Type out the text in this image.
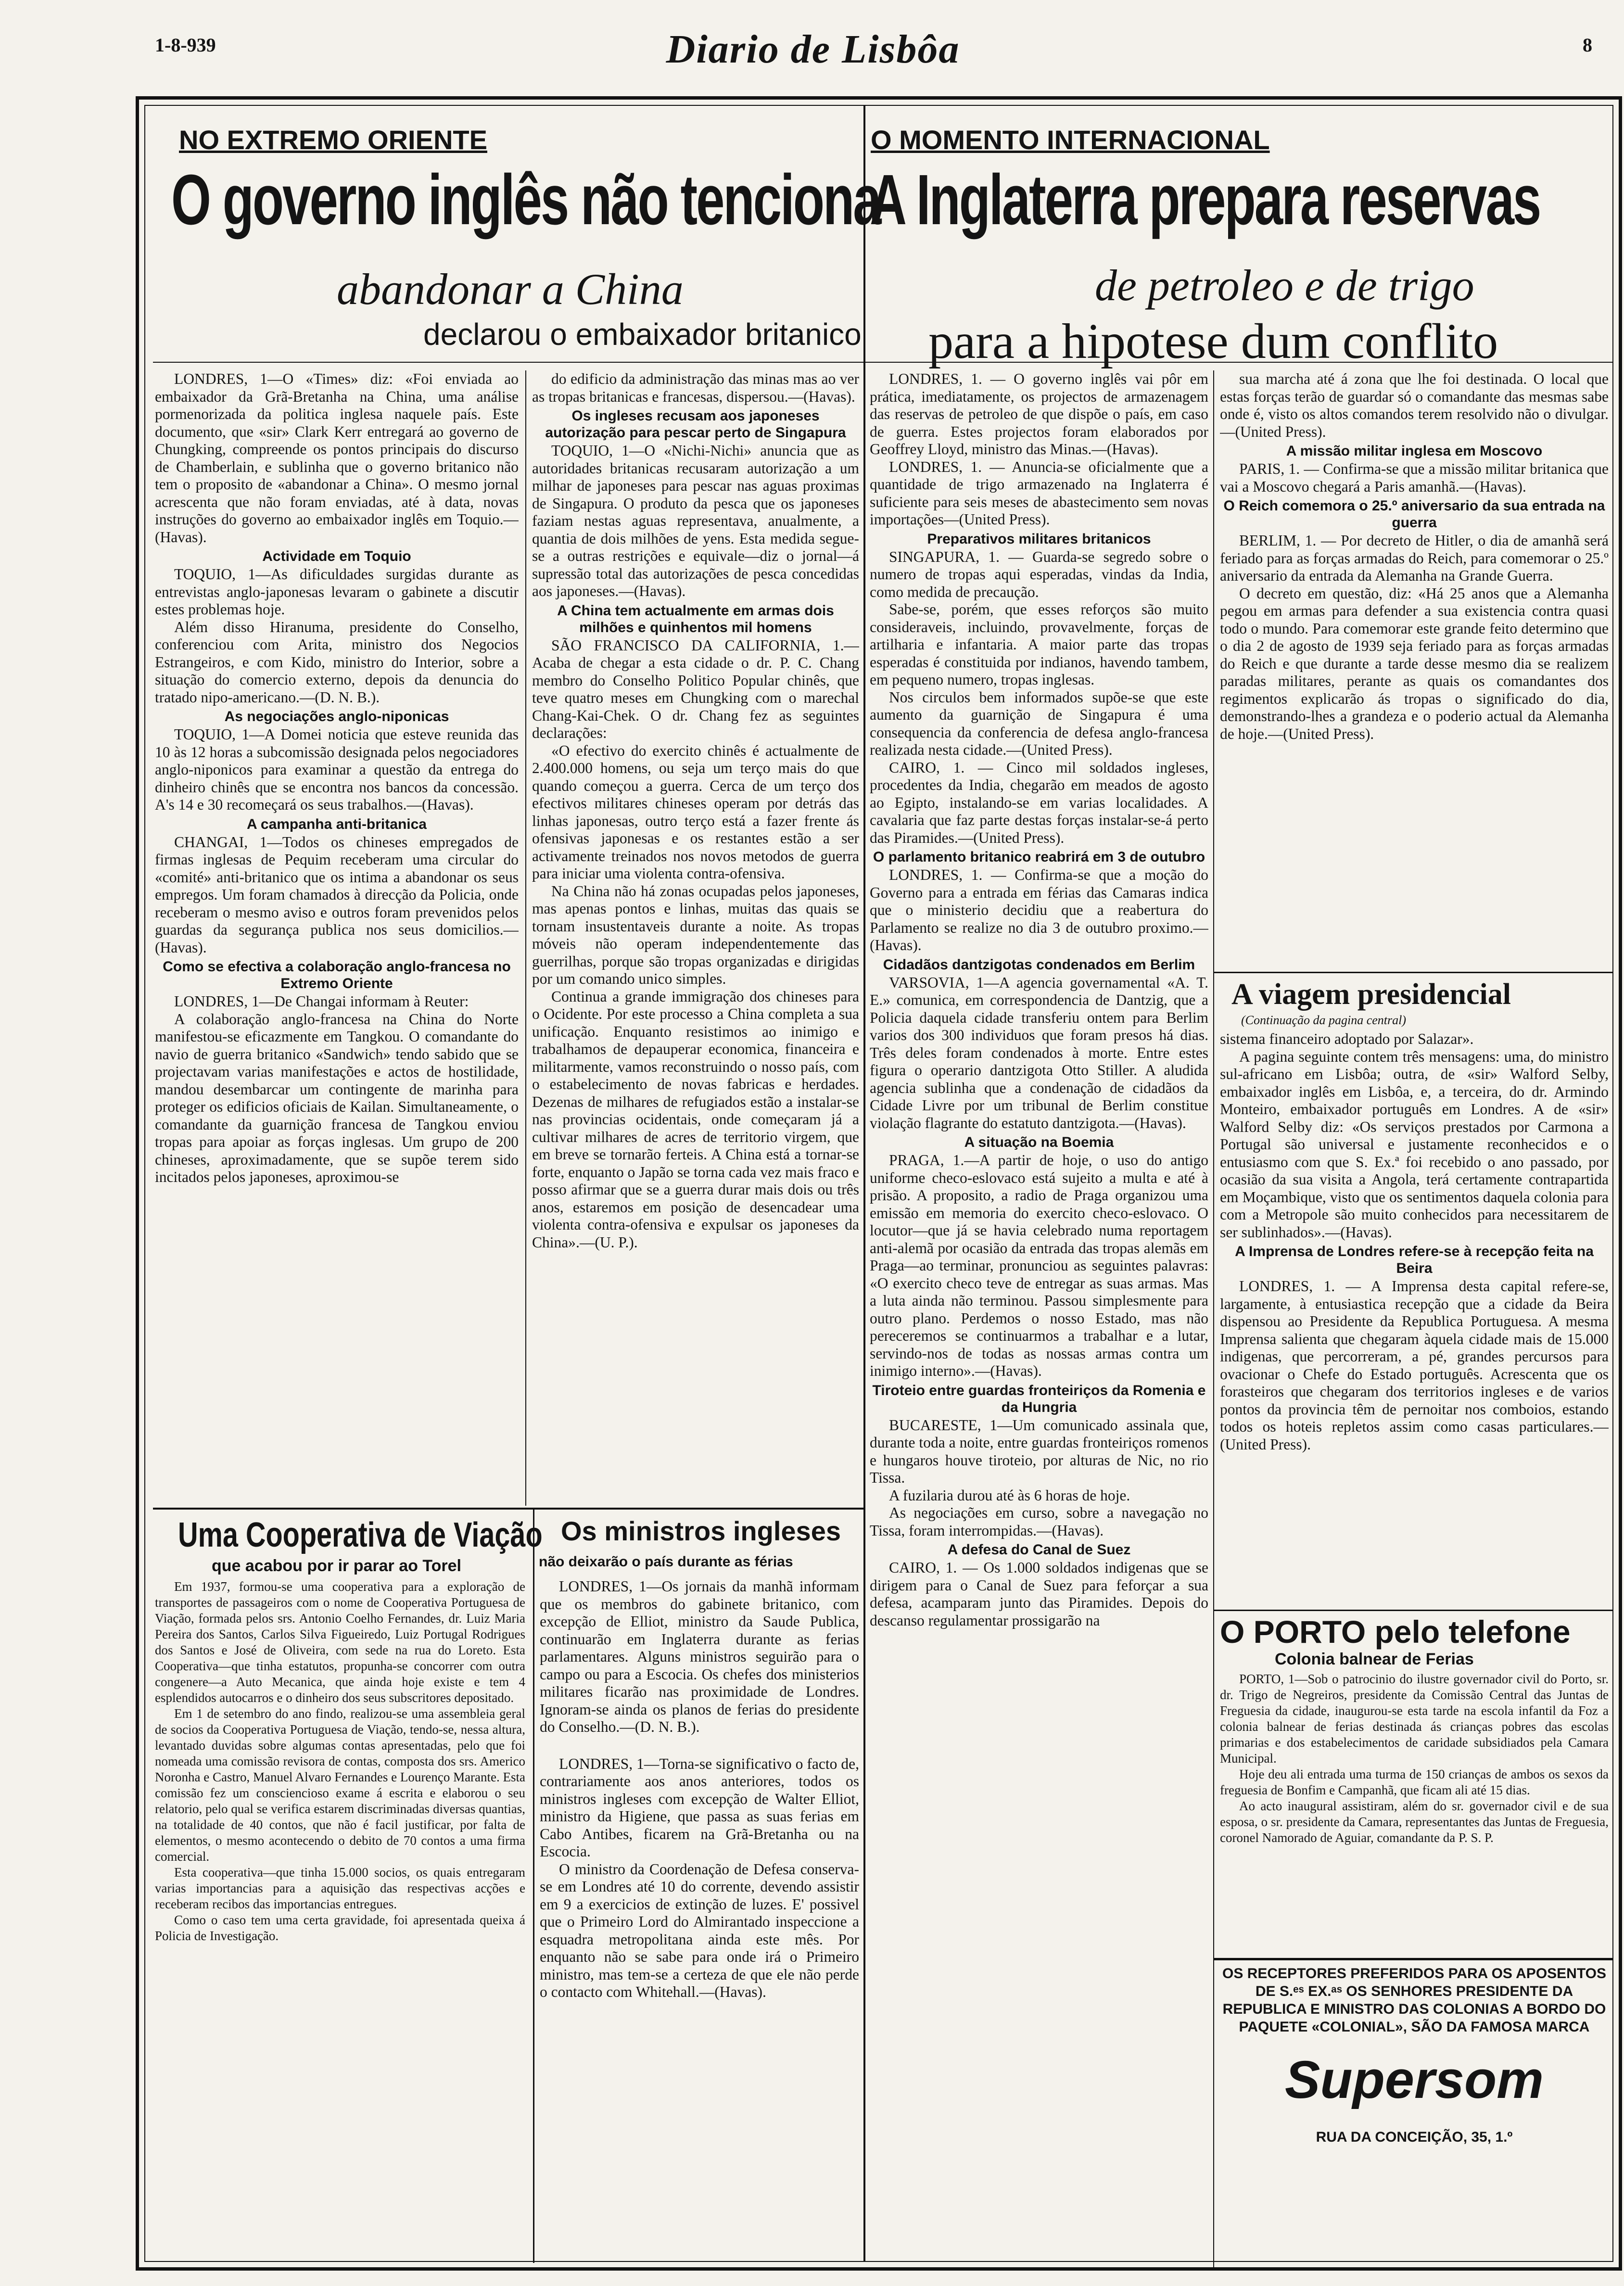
1-8-939	Diario de Lisbôa	8
NO EXTREMO ORIENTE
O governo inglês não tenciona
abandonar a China
declarou o embaixador britanico
O MOMENTO INTERNACIONAL
A Inglaterra prepara reservas
de petroleo e de trigo
para a hipotese dum conflito

LONDRES, 1—O «Times» diz: «Foi enviada ao embaixador da Grã-Bretanha na China, uma análise pormenorizada da politica inglesa naquele país. Este documento, que «sir» Clark Kerr entregará ao governo de Chungking, compreende os pontos principais do discurso de Chamberlain, e sublinha que o governo britanico não tem o proposito de «abandonar a China». O mesmo jornal acrescenta que não foram enviadas, até à data, novas instruções do governo ao embaixador inglês em Toquio.—(Havas).

Actividade em Toquio

TOQUIO, 1—As dificuldades surgidas durante as entrevistas anglo-japonesas levaram o gabinete a discutir estes problemas hoje.

Além disso Hiranuma, presidente do Conselho, conferenciou com Arita, ministro dos Negocios Estrangeiros, e com Kido, ministro do Interior, sobre a situação do comercio externo, depois da denuncia do tratado nipo-americano.—(D. N. B.).

As negociações anglo-niponicas

TOQUIO, 1—A Domei noticia que esteve reunida das 10 às 12 horas a subcomissão designada pelos negociadores anglo-niponicos para examinar a questão da entrega do dinheiro chinês que se encontra nos bancos da concessão. A's 14 e 30 recomeçará os seus trabalhos.—(Havas).

A campanha anti-britanica

CHANGAI, 1—Todos os chineses empregados de firmas inglesas de Pequim receberam uma circular do «comité» anti-britanico que os intima a abandonar os seus empregos. Um foram chamados à direcção da Policia, onde receberam o mesmo aviso e outros foram prevenidos pelos guardas da segurança publica nos seus domicilios.—(Havas).

Como se efectiva a colaboração anglo-francesa no Extremo Oriente

LONDRES, 1—De Changai informam à Reuter:

A colaboração anglo-francesa na China do Norte manifestou-se eficazmente em Tangkou. O comandante do navio de guerra britanico «Sandwich» tendo sabido que se projectavam varias manifestações e actos de hostilidade, mandou desembarcar um contingente de marinha para proteger os edificios oficiais de Kailan. Simultaneamente, o comandante da guarnição francesa de Tangkou enviou tropas para apoiar as forças inglesas. Um grupo de 200 chineses, aproximadamente, que se supõe terem sido incitados pelos japoneses, aproximou-se

do edificio da administração das minas mas ao ver as tropas britanicas e francesas, dispersou.—(Havas).

Os ingleses recusam aos japoneses autorização para pescar perto de Singapura

TOQUIO, 1—O «Nichi-Nichi» anuncia que as autoridades britanicas recusaram autorização a um milhar de japoneses para pescar nas aguas proximas de Singapura. O produto da pesca que os japoneses faziam nestas aguas representava, anualmente, a quantia de dois milhões de yens. Esta medida segue-se a outras restrições e equivale—diz o jornal—á supressão total das autorizações de pesca concedidas aos japoneses.—(Havas).

A China tem actualmente em armas dois milhões e quinhentos mil homens

SÃO FRANCISCO DA CALIFORNIA, 1.—Acaba de chegar a esta cidade o dr. P. C. Chang membro do Conselho Politico Popular chinês, que teve quatro meses em Chungking com o marechal Chang-Kai-Chek. O dr. Chang fez as seguintes declarações:

«O efectivo do exercito chinês é actualmente de 2.400.000 homens, ou seja um terço mais do que quando começou a guerra. Cerca de um terço dos efectivos militares chineses operam por detrás das linhas japonesas, outro terço está a fazer frente ás ofensivas japonesas e os restantes estão a ser activamente treinados nos novos metodos de guerra para iniciar uma violenta contra-ofensiva.

Na China não há zonas ocupadas pelos japoneses, mas apenas pontos e linhas, muitas das quais se tornam insustentaveis durante a noite. As tropas móveis não operam independentemente das guerrilhas, porque são tropas organizadas e dirigidas por um comando unico simples.

Continua a grande immigração dos chineses para o Ocidente. Por este processo a China completa a sua unificação. Enquanto resistimos ao inimigo e trabalhamos de depauperar economica, financeira e militarmente, vamos reconstruindo o nosso país, com o estabelecimento de novas fabricas e herdades. Dezenas de milhares de refugiados estão a instalar-se nas provincias ocidentais, onde começaram já a cultivar milhares de acres de territorio virgem, que em breve se tornarão ferteis. A China está a tornar-se forte, enquanto o Japão se torna cada vez mais fraco e posso afirmar que se a guerra durar mais dois ou três anos, estaremos em posição de desencadear uma violenta contra-ofensiva e expulsar os japoneses da China».—(U. P.).

LONDRES, 1. — O governo inglês vai pôr em prática, imediatamente, os projectos de armazenagem das reservas de petroleo de que dispõe o país, em caso de guerra. Estes projectos foram elaborados por Geoffrey Lloyd, ministro das Minas.—(Havas).

LONDRES, 1. — Anuncia-se oficialmente que a quantidade de trigo armazenado na Inglaterra é suficiente para seis meses de abastecimento sem novas importações—(United Press).

Preparativos militares britanicos

SINGAPURA, 1. — Guarda-se segredo sobre o numero de tropas aqui esperadas, vindas da India, como medida de precaução.

Sabe-se, porém, que esses reforços são muito consideraveis, incluindo, provavelmente, forças de artilharia e infantaria. A maior parte das tropas esperadas é constituida por indianos, havendo tambem, em pequeno numero, tropas inglesas.

Nos circulos bem informados supõe-se que este aumento da guarnição de Singapura é uma consequencia da conferencia de defesa anglo-francesa realizada nesta cidade.—(United Press).

CAIRO, 1. — Cinco mil soldados ingleses, procedentes da India, chegarão em meados de agosto ao Egipto, instalando-se em varias localidades. A cavalaria que faz parte destas forças instalar-se-á perto das Piramides.—(United Press).

O parlamento britanico reabrirá em 3 de outubro

LONDRES, 1. — Confirma-se que a moção do Governo para a entrada em férias das Camaras indica que o ministerio decidiu que a reabertura do Parlamento se realize no dia 3 de outubro proximo.—(Havas).

Cidadãos dantzigotas condenados em Berlim

VARSOVIA, 1—A agencia governamental «A. T. E.» comunica, em correspondencia de Dantzig, que a Policia daquela cidade transferiu ontem para Berlim varios dos 300 individuos que foram presos há dias. Três deles foram condenados à morte. Entre estes figura o operario dantzigota Otto Stiller. A aludida agencia sublinha que a condenação de cidadãos da Cidade Livre por um tribunal de Berlim constitue violação flagrante do estatuto dantzigota.—(Havas).

A situação na Boemia

PRAGA, 1.—A partir de hoje, o uso do antigo uniforme checo-eslovaco está sujeito a multa e até à prisão. A proposito, a radio de Praga organizou uma emissão em memoria do exercito checo-eslovaco. O locutor—que já se havia celebrado numa reportagem anti-alemã por ocasião da entrada das tropas alemãs em Praga—ao terminar, pronunciou as seguintes palavras: «O exercito checo teve de entregar as suas armas. Mas a luta ainda não terminou. Passou simplesmente para outro plano. Perdemos o nosso Estado, mas não pereceremos se continuarmos a trabalhar e a lutar, servindo-nos de todas as nossas armas contra um inimigo interno».—(Havas).

Tiroteio entre guardas fronteiriços da Romenia e da Hungria

BUCARESTE, 1—Um comunicado assinala que, durante toda a noite, entre guardas fronteiriços romenos e hungaros houve tiroteio, por alturas de Nic, no rio Tissa.

A fuzilaria durou até às 6 horas de hoje.

As negociações em curso, sobre a navegação no Tissa, foram interrompidas.—(Havas).

A defesa do Canal de Suez

CAIRO, 1. — Os 1.000 soldados indigenas que se dirigem para o Canal de Suez para feforçar a sua defesa, acamparam junto das Piramides. Depois do descanso regulamentar prossigarão na

sua marcha até á zona que lhe foi destinada. O local que estas forças terão de guardar só o comandante das mesmas sabe onde é, visto os altos comandos terem resolvido não o divulgar.—(United Press).

A missão militar inglesa em Moscovo

PARIS, 1. — Confirma-se que a missão militar britanica que vai a Moscovo chegará a Paris amanhã.—(Havas).

O Reich comemora o 25.º aniversario da sua entrada na guerra

BERLIM, 1. — Por decreto de Hitler, o dia de amanhã será feriado para as forças armadas do Reich, para comemorar o 25.º aniversario da entrada da Alemanha na Grande Guerra.

O decreto em questão, diz: «Há 25 anos que a Alemanha pegou em armas para defender a sua existencia contra quasi todo o mundo. Para comemorar este grande feito determino que o dia 2 de agosto de 1939 seja feriado para as forças armadas do Reich e que durante a tarde desse mesmo dia se realizem paradas militares, perante as quais os comandantes dos regimentos explicarão ás tropas o significado do dia, demonstrando-lhes a grandeza e o poderio actual da Alemanha de hoje.—(United Press).

A viagem presidencial
(Continuação da pagina central)

sistema financeiro adoptado por Salazar».

A pagina seguinte contem três mensagens: uma, do ministro sul-africano em Lisbôa; outra, de «sir» Walford Selby, embaixador inglês em Lisbôa, e, a terceira, do dr. Armindo Monteiro, embaixador português em Londres. A de «sir» Walford Selby diz: «Os serviços prestados por Carmona a Portugal são universal e justamente reconhecidos e o entusiasmo com que S. Ex.ª foi recebido o ano passado, por ocasião da sua visita a Angola, terá certamente contrapartida em Moçambique, visto que os sentimentos daquela colonia para com a Metropole são muito conhecidos para necessitarem de ser sublinhados».—(Havas).

A Imprensa de Londres refere-se à recepção feita na Beira

LONDRES, 1. — A Imprensa desta capital refere-se, largamente, à entusiastica recepção que a cidade da Beira dispensou ao Presidente da Republica Portuguesa. A mesma Imprensa salienta que chegaram àquela cidade mais de 15.000 indigenas, que percorreram, a pé, grandes percursos para ovacionar o Chefe do Estado português. Acrescenta que os forasteiros que chegaram dos territorios ingleses e de varios pontos da provincia têm de pernoitar nos comboios, estando todos os hoteis repletos assim como casas particulares.—(United Press).

O PORTO pelo telefone
Colonia balnear de Ferias

PORTO, 1—Sob o patrocinio do ilustre governador civil do Porto, sr. dr. Trigo de Negreiros, presidente da Comissão Central das Juntas de Freguesia da cidade, inaugurou-se esta tarde na escola infantil da Foz a colonia balnear de ferias destinada ás crianças pobres das escolas primarias e dos estabelecimentos de caridade subsidiados pela Camara Municipal.

Hoje deu ali entrada uma turma de 150 crianças de ambos os sexos da freguesia de Bonfim e Campanhã, que ficam ali até 15 dias.

Ao acto inaugural assistiram, além do sr. governador civil e de sua esposa, o sr. presidente da Camara, representantes das Juntas de Freguesia, coronel Namorado de Aguiar, comandante da P. S. P.

OS RECEPTORES PREFERIDOS PARA OS APOSENTOS DE S.ᵉˢ EX.ᵃˢ OS SENHORES PRESIDENTE DA REPUBLICA E MINISTRO DAS COLONIAS A BORDO DO PAQUETE «COLONIAL», SÃO DA FAMOSA MARCA
Supersom
RUA DA CONCEIÇÃO, 35, 1.º
Uma Cooperativa de Viação
que acabou por ir parar ao Torel

Em 1937, formou-se uma cooperativa para a exploração de transportes de passageiros com o nome de Cooperativa Portuguesa de Viação, formada pelos srs. Antonio Coelho Fernandes, dr. Luiz Maria Pereira dos Santos, Carlos Silva Figueiredo, Luiz Portugal Rodrigues dos Santos e José de Oliveira, com sede na rua do Loreto. Esta Cooperativa—que tinha estatutos, propunha-se concorrer com outra congenere—a Auto Mecanica, que ainda hoje existe e tem 4 esplendidos autocarros e o dinheiro dos seus subscritores depositado.

Em 1 de setembro do ano findo, realizou-se uma assembleia geral de socios da Cooperativa Portuguesa de Viação, tendo-se, nessa altura, levantado duvidas sobre algumas contas apresentadas, pelo que foi nomeada uma comissão revisora de contas, composta dos srs. Americo Noronha e Castro, Manuel Alvaro Fernandes e Lourenço Marante. Esta comissão fez um consciencioso exame á escrita e elaborou o seu relatorio, pelo qual se verifica estarem discriminadas diversas quantias, na totalidade de 40 contos, que não é facil justificar, por falta de elementos, o mesmo acontecendo o debito de 70 contos a uma firma comercial.

Esta cooperativa—que tinha 15.000 socios, os quais entregaram varias importancias para a aquisição das respectivas acções e receberam recibos das importancias entregues.

Como o caso tem uma certa gravidade, foi apresentada queixa á Policia de Investigação.

Os ministros ingleses
não deixarão o país durante as férias

LONDRES, 1—Os jornais da manhã informam que os membros do gabinete britanico, com excepção de Elliot, ministro da Saude Publica, continuarão em Inglaterra durante as ferias parlamentares. Alguns ministros seguirão para o campo ou para a Escocia. Os chefes dos ministerios militares ficarão nas proximidade de Londres. Ignoram-se ainda os planos de ferias do presidente do Conselho.—(D. N. B.).

LONDRES, 1—Torna-se significativo o facto de, contrariamente aos anos anteriores, todos os ministros ingleses com excepção de Walter Elliot, ministro da Higiene, que passa as suas ferias em Cabo Antibes, ficarem na Grã-Bretanha ou na Escocia.

O ministro da Coordenação de Defesa conserva-se em Londres até 10 do corrente, devendo assistir em 9 a exercicios de extinção de luzes. E' possivel que o Primeiro Lord do Almirantado inspeccione a esquadra metropolitana ainda este mês. Por enquanto não se sabe para onde irá o Primeiro ministro, mas tem-se a certeza de que ele não perde o contacto com Whitehall.—(Havas).
